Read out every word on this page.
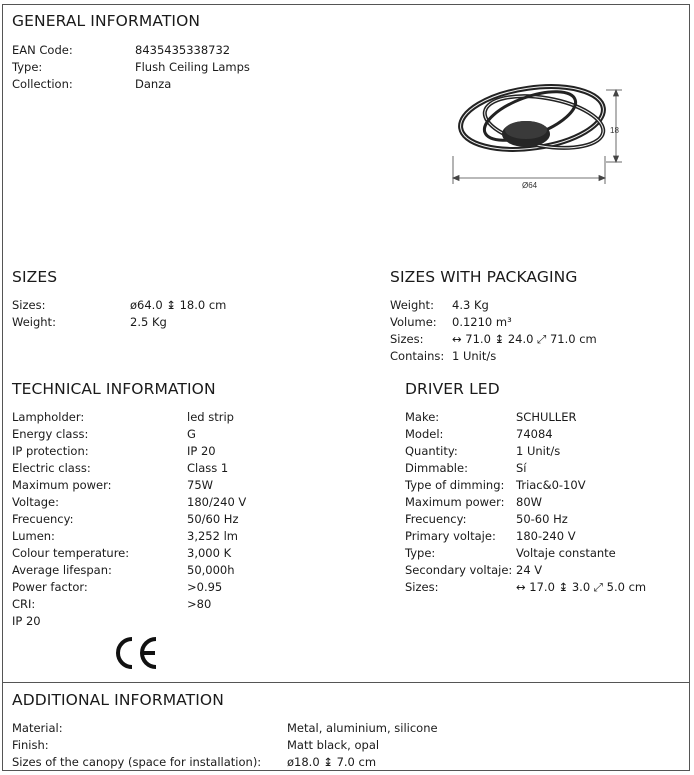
GENERAL INFORMATION
EAN Code:	8435435338732
Type:	Flush Ceiling Lamps
Collection:	Danza
18
Ø64
SIZES
Sizes:	ø64.0 ↨ 18.0 cm
Weight:	2.5 Kg
SIZES WITH PACKAGING
Weight: 4.3 Kg
Volume: 0.1210 m³
Sizes: ↔ 71.0 ↨ 24.0 ⤢ 71.0 cm
Contains: 1 Unit/s
TECHNICAL INFORMATION
Lampholder:	led strip
Energy class:	G
IP protection:	IP 20
Electric class:	Class 1
Maximum power:	75W
Voltage:	180/240 V
Frecuency:	50/60 Hz
Lumen:	3,252 lm
Colour temperature:	3,000 K
Average lifespan:	50,000h
Power factor:	>0.95
CRI:	>80
IP 20
DRIVER LED
Make:	SCHULLER
Model:	74084
Quantity:	1 Unit/s
Dimmable:	Sí
Type of dimming: Triac&0-10V
Maximum power: 80W
Frecuency:	50-60 Hz
Primary voltaje: 180-240 V
Type:	Voltaje constante
Secondary voltaje: 24 V
Sizes:	↔ 17.0 ↨ 3.0 ⤢ 5.0 cm
ADDITIONAL INFORMATION
Material:	Metal, aluminium, silicone
Finish:	Matt black, opal
Sizes of the canopy (space for installation): ø18.0 ↨ 7.0 cm
